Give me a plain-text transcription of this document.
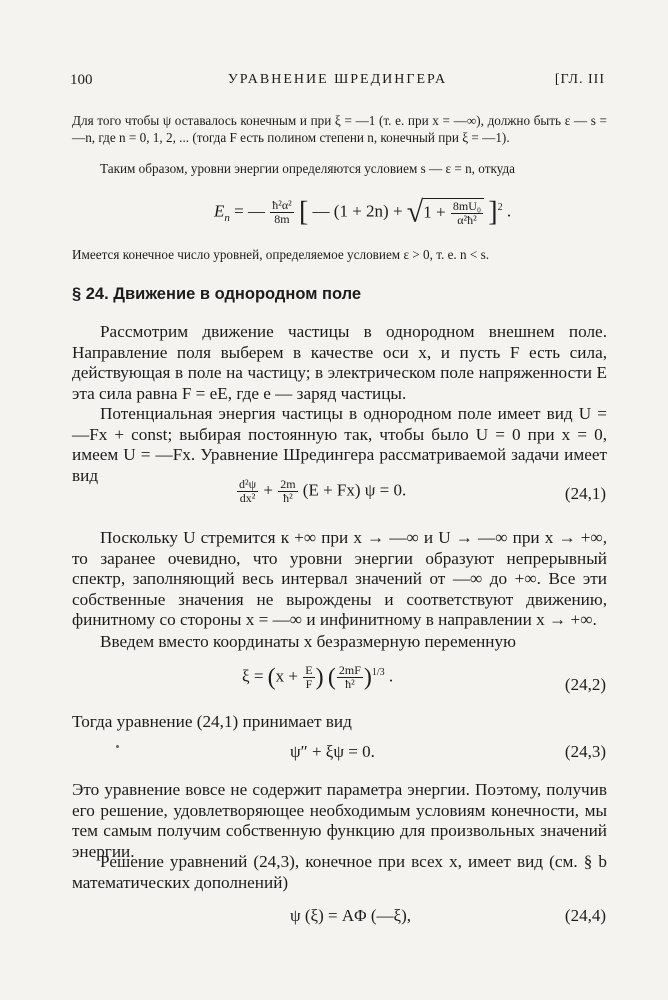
100	УРАВНЕНИЕ ШРЕДИНГЕРА	[ГЛ. III
Для того чтобы ψ оставалось конечным и при ξ = —1 (т. е. при x = —∞), должно быть ε — s = —n, где n = 0, 1, 2, ... (тогда F есть полином степени n, конечный при ξ = —1).
Таким образом, уровни энергии определяются условием s — ε = n, откуда
$E_n$ = — $\frac{\text{ħ²α²}}{8m}$ [ — $(1 + 2n) + √1 + \frac{\text{8mU₀}}{\text{α²ħ²}} ]^2$ .
Имеется конечное число уровней, определяемое условием ε > 0, т. е. n < s.
§ 24. Движение в однородном поле
Рассмотрим движение частицы в однородном внешнем поле. Направление поля выберем в качестве оси x, и пусть F есть сила, действующая в поле на частицу; в электрическом поле напряженности E эта сила равна F = eE, где e — заряд частицы.
Потенциальная энергия частицы в однородном поле имеет вид U = —Fx + const; выбирая постоянную так, чтобы было U = 0 при x = 0, имеем U = —Fx. Уравнение Шредингера рассматриваемой задачи имеет вид
$\frac{\text{d²ψ}}{\text{dx²}} + \frac{2m}{\text{ħ²}} (E + Fx) \psi = 0$.	(24,1)
Поскольку U стремится к +∞ при x → —∞ и U → —∞ при x → +∞, то заранее очевидно, что уровни энергии образуют непрерывный спектр, заполняющий весь интервал значений от —∞ до +∞. Все эти собственные значения не вырождены и соответствуют движению, финитному со стороны x = —∞ и инфинитному в направлении x → +∞.
Введем вместо координаты x безразмерную переменную
$\xi = (x + \frac{E}{F}$ ) ( $\frac{2mF}{\text{ħ²}} )^{1/3}$ .	(24,2)
Тогда уравнение (24,1) принимает вид
ψ″ + ξψ = 0.	(24,3)
Это уравнение вовсе не содержит параметра энергии. Поэтому, получив его решение, удовлетворяющее необходимым условиям конечности, мы тем самым получим собственную функцию для произвольных значений энергии.
Решение уравнений (24,3), конечное при всех x, имеет вид (см. § b математических дополнений)
ψ (ξ) = AΦ (—ξ),	(24,4)
